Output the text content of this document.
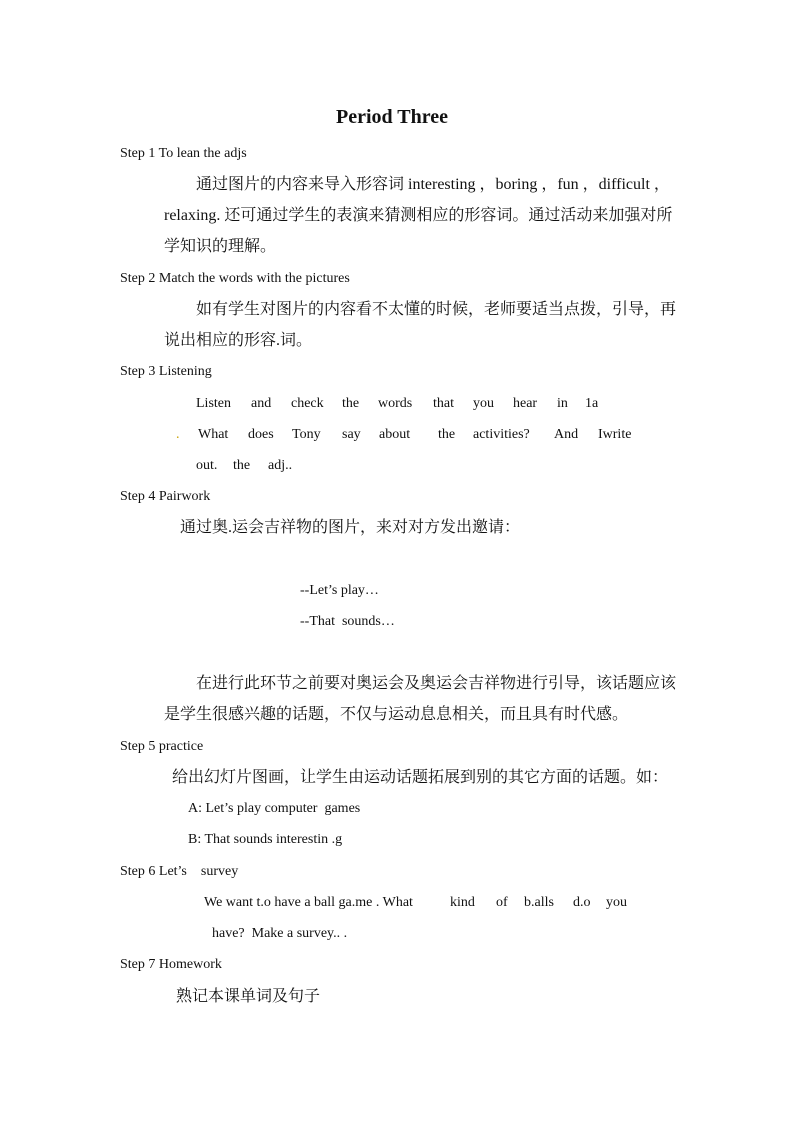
Period Three
Step 1 To lean the adjs
通过图片的内容来导入形容词 interesting ，boring ，fun ，difficult ，
relaxing. 还可通过学生的表演来猜测相应的形容词。通过活动来加强对所
学知识的理解。
Step 2 Match the words with the pictures
如有学生对图片的内容看不太懂的时候，老师要适当点拨，引导，再
说出相应的形容.词。
Step 3 Listening
Listen and check the words that you hear in 1a
. What does Tony say about the activities? And Iwrite
out. the adj..
Step 4 Pairwork
通过奥.运会吉祥物的图片，来对对方发出邀请：
--Let’s play…
--That  sounds…
在进行此环节之前要对奥运会及奥运会吉祥物进行引导，该话题应该
是学生很感兴趣的话题，不仅与运动息息相关，而且具有时代感。
Step 5 practice
给出幻灯片图画，让学生由运动话题拓展到别的其它方面的话题。如：
A: Let’s play computer  games
B: That sounds interestin .g
Step 6 Let’s    survey
We want t.o have a ball ga.me . What	kind of b.alls d.o you
have?  Make a survey.. .
Step 7 Homework
熟记本课单词及句子
